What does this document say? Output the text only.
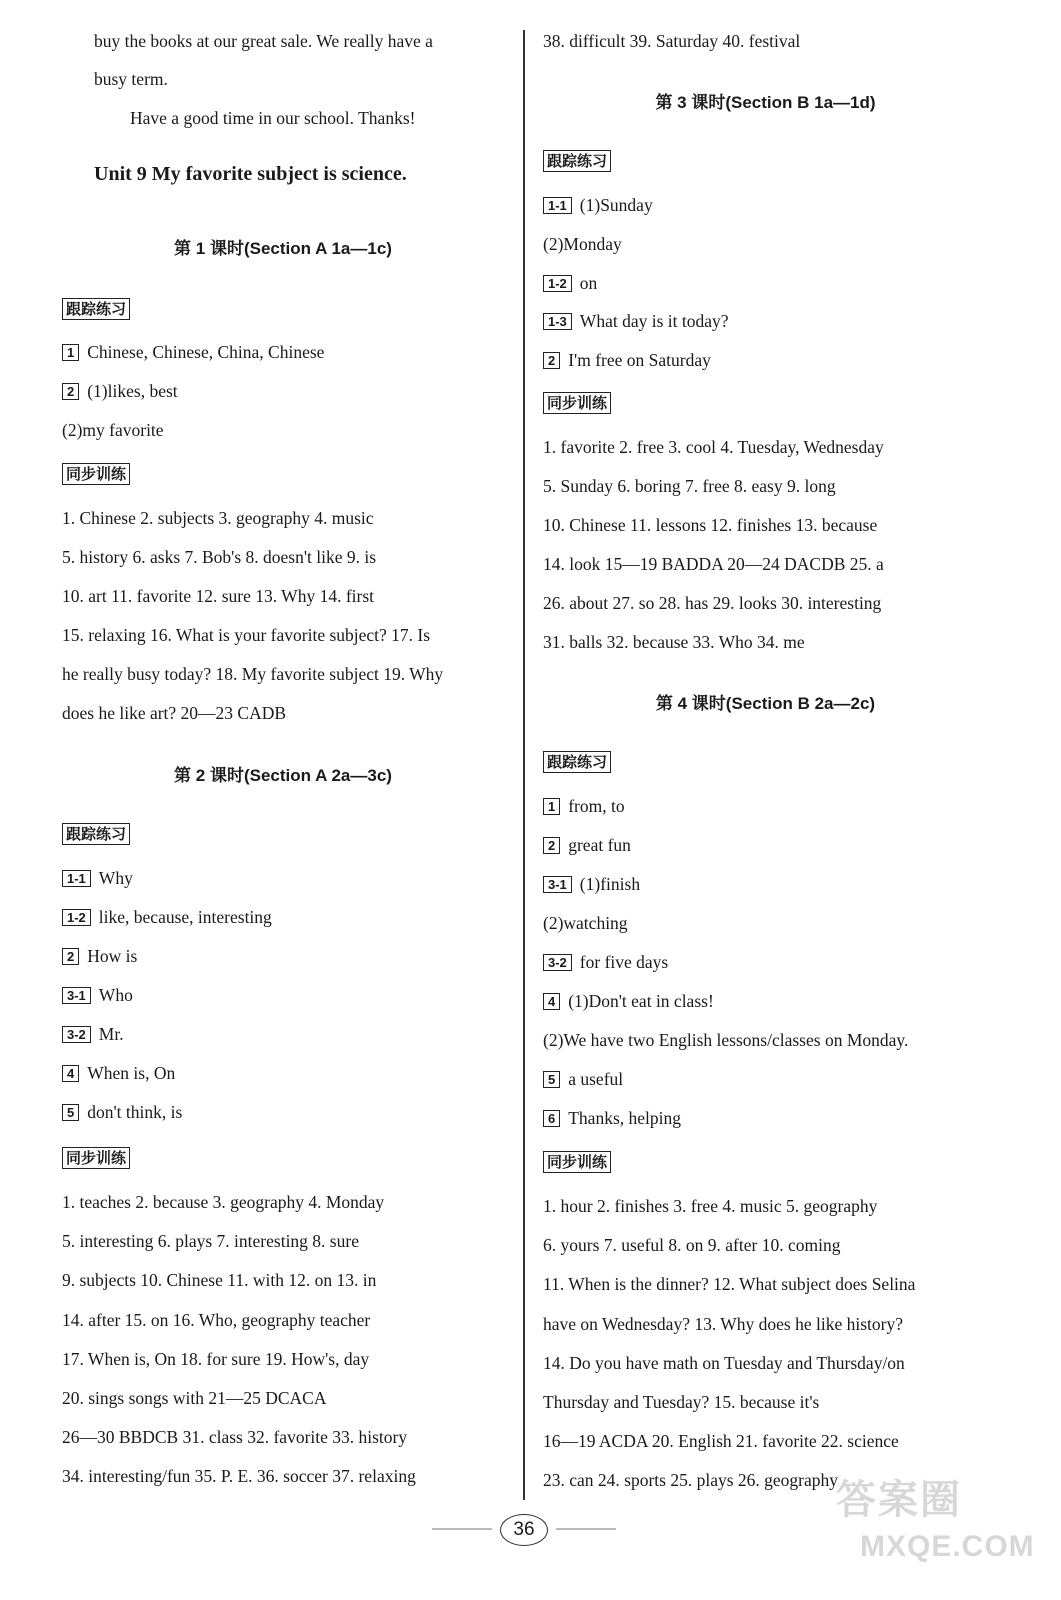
buy the books at our great sale. We really have a
busy term.
Have a good time in our school. Thanks!
Unit 9 My favorite subject is science.
第 1 课时(Section A 1a—1c)
跟踪练习
1 Chinese, Chinese, China, Chinese
2 (1)likes, best
(2)my favorite
同步训练
1. Chinese 2. subjects 3. geography 4. music
5. history 6. asks 7. Bob's 8. doesn't like 9. is
10. art 11. favorite 12. sure 13. Why 14. first
15. relaxing 16. What is your favorite subject? 17. Is
he really busy today? 18. My favorite subject 19. Why
does he like art? 20—23 CADB
第 2 课时(Section A 2a—3c)
跟踪练习
1-1 Why
1-2 like, because, interesting
2 How is
3-1 Who
3-2 Mr.
4 When is, On
5 don't think, is
同步训练
1. teaches 2. because 3. geography 4. Monday
5. interesting 6. plays 7. interesting 8. sure
9. subjects 10. Chinese 11. with 12. on 13. in
14. after 15. on 16. Who, geography teacher
17. When is, On 18. for sure 19. How's, day
20. sings songs with 21—25 DCACA
26—30 BBDCB 31. class 32. favorite 33. history
34. interesting/fun 35. P. E. 36. soccer 37. relaxing
38. difficult 39. Saturday 40. festival
第 3 课时(Section B 1a—1d)
跟踪练习
1-1 (1)Sunday
(2)Monday
1-2 on
1-3 What day is it today?
2 I'm free on Saturday
同步训练
1. favorite 2. free 3. cool 4. Tuesday, Wednesday
5. Sunday 6. boring 7. free 8. easy 9. long
10. Chinese 11. lessons 12. finishes 13. because
14. look 15—19 BADDA 20—24 DACDB 25. a
26. about 27. so 28. has 29. looks 30. interesting
31. balls 32. because 33. Who 34. me
第 4 课时(Section B 2a—2c)
跟踪练习
1 from, to
2 great fun
3-1 (1)finish
(2)watching
3-2 for five days
4 (1)Don't eat in class!
(2)We have two English lessons/classes on Monday.
5 a useful
6 Thanks, helping
同步训练
1. hour 2. finishes 3. free 4. music 5. geography
6. yours 7. useful 8. on 9. after 10. coming
11. When is the dinner? 12. What subject does Selina
have on Wednesday? 13. Why does he like history?
14. Do you have math on Tuesday and Thursday/on
Thursday and Tuesday? 15. because it's
16—19 ACDA 20. English 21. favorite 22. science
23. can 24. sports 25. plays 26. geography
36
答案圈
MXQE.COM
